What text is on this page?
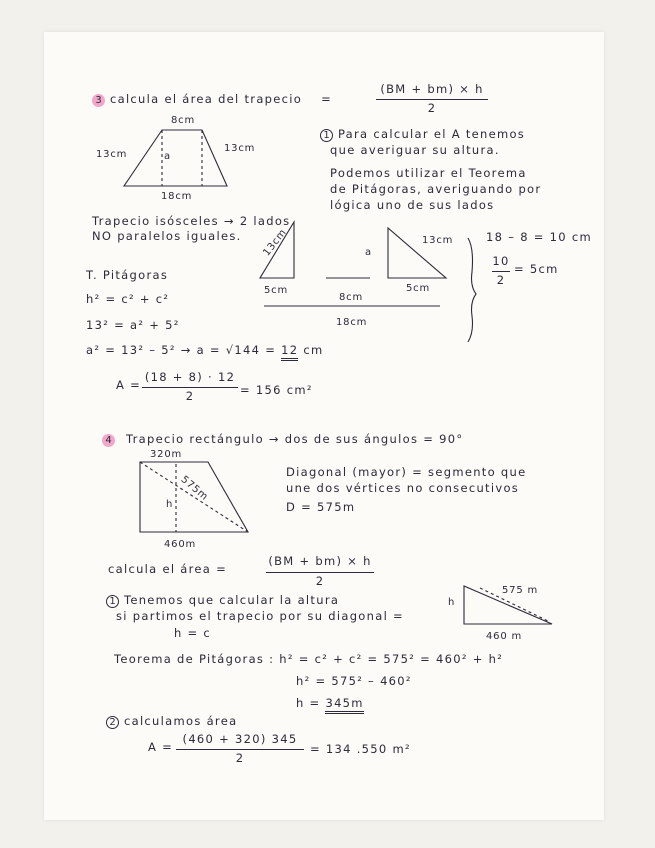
3 calcula el área del trapecio =
(BM + bm) × h
2
8cm
13cm
13cm
a
18cm
1 Para calcular el A tenemos
que averiguar su altura.
Podemos utilizar el Teorema
de Pitágoras, averiguando por
lógica uno de sus lados
Trapecio isósceles → 2 lados
NO paralelos iguales.	13cm
5cm
a
8cm
13cm
5cm
18cm
18 – 8 = 10 cm
10
2
= 5cm
T. Pitágoras
h² = c² + c²
13² = a² + 5²
a² = 13² – 5² → a = √144 = 12 cm
A =
(18 + 8) · 12
2	= 156 cm²
4 Trapecio rectángulo → dos de sus ángulos = 90°
320m
575m
h
460m
Diagonal (mayor) = segmento que
une dos vértices no consecutivos
D = 575m
calcula el área =
(BM + bm) × h
2
1 Tenemos que calcular la altura
si partimos el trapecio por su diagonal =
h = c
h
575 m
460 m
Teorema de Pitágoras : h² = c² + c² = 575² = 460² + h²
h² = 575² – 460²
h = 345m
2 calculamos área
A =
(460 + 320) 345
2
= 134 .550 m²
